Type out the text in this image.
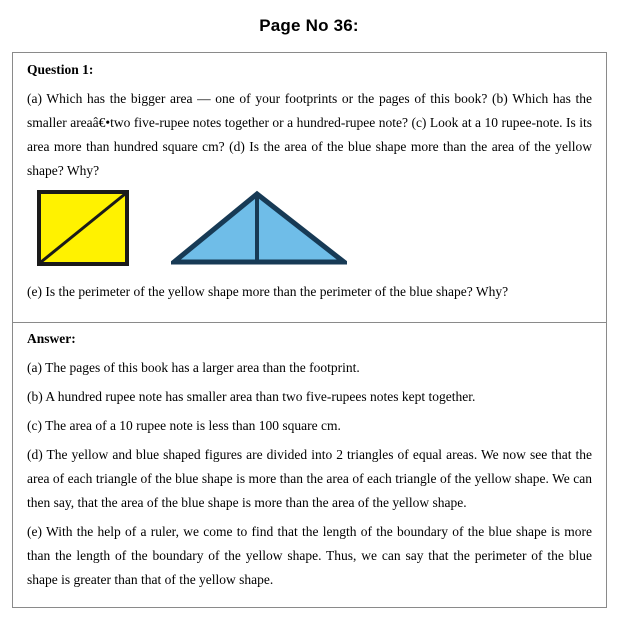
Page No 36:
Question 1:

(a) Which has the bigger area — one of your footprints or the pages of this book? (b) Which has the smaller areaâ€•two five-rupee notes together or a hundred-rupee note? (c) Look at a 10 rupee-note. Is its area more than hundred square cm? (d) Is the area of the blue shape more than the area of the yellow shape? Why?

(e) Is the perimeter of the yellow shape more than the perimeter of the blue shape? Why?

Answer:

(a) The pages of this book has a larger area than the footprint.

(b) A hundred rupee note has smaller area than two five-rupees notes kept together.

(c) The area of a 10 rupee note is less than 100 square cm.

(d) The yellow and blue shaped figures are divided into 2 triangles of equal areas. We now see that the area of each triangle of the blue shape is more than the area of each triangle of the yellow shape. We can then say, that the area of the blue shape is more than the area of the yellow shape.

(e) With the help of a ruler, we come to find that the length of the boundary of the blue shape is more than the length of the boundary of the yellow shape. Thus, we can say that the perimeter of the blue shape is greater than that of the yellow shape.
